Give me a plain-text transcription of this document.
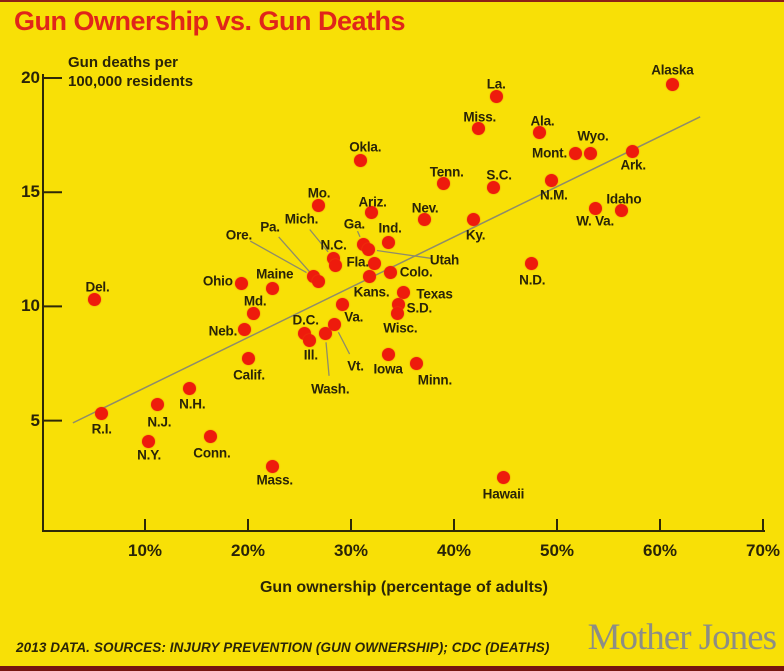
Gun Ownership vs. Gun Deaths
Gun deaths per
100,000 residents
5
10
15
20
10%	20%	30%	40%	50%	60%	70%
Alaska
La.
Miss.	Ala.
Mont.
Wyo.
Ark.
Okla.
Tenn. S.C.
N.M.
Mo.
Ariz. Nev.
Ky.
Idaho
W. Va.
Ind.
Ga.
Utah
Mich.
N.C.
Fla.
Colo.
Kans.
Ore. Pa.
Maine
Ohio	N.D.
Del.
Md.
Va.
Texas
S.D.
Wisc.
Neb.
D.C.
Ill.
Wash.
Vt.
Calif.	Iowa
Minn.
N.H.
N.J.
R.I.
N.Y. Conn.
Mass.
Hawaii
Gun ownership (percentage of adults)
2013 DATA. SOURCES: INJURY PREVENTION (GUN OWNERSHIP); CDC (DEATHS) Mother Jones
